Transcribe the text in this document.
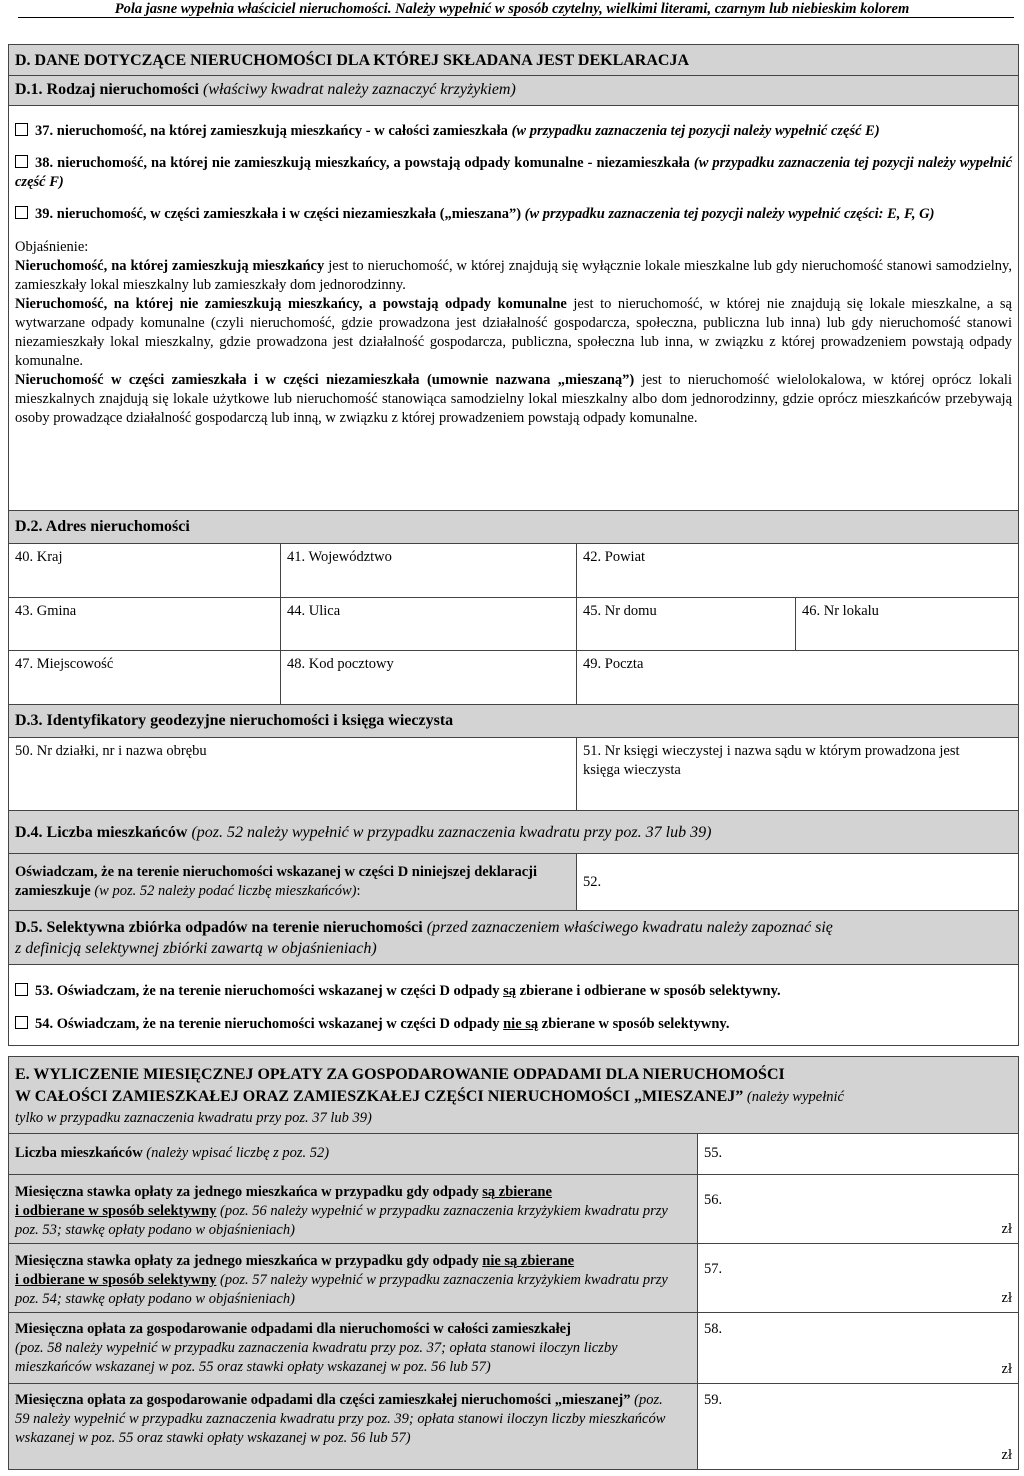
Pola jasne wypełnia właściciel nieruchomości. Należy wypełnić w sposób czytelny, wielkimi literami, czarnym lub niebieskim kolorem
D. DANE DOTYCZĄCE NIERUCHOMOŚCI DLA KTÓREJ SKŁADANA JEST DEKLARACJA
D.1. Rodzaj nieruchomości (właściwy kwadrat należy zaznaczyć krzyżykiem)

37. nieruchomość, na której zamieszkują mieszkańcy - w całości zamieszkała (w przypadku zaznaczenia tej pozycji należy wypełnić część E)

38. nieruchomość, na której nie zamieszkują mieszkańcy, a powstają odpady komunalne - niezamieszkała (w przypadku zaznaczenia tej pozycji należy wypełnić część F)

39. nieruchomość, w części zamieszkała i w części niezamieszkała („mieszana”) (w przypadku zaznaczenia tej pozycji należy wypełnić części: E, F, G)

Objaśnienie:

Nieruchomość, na której zamieszkują mieszkańcy jest to nieruchomość, w której znajdują się wyłącznie lokale mieszkalne lub gdy nieruchomość stanowi samodzielny, zamieszkały lokal mieszkalny lub zamieszkały dom jednorodzinny.

Nieruchomość, na której nie zamieszkują mieszkańcy, a powstają odpady komunalne jest to nieruchomość, w której nie znajdują się lokale mieszkalne, a są wytwarzane odpady komunalne (czyli nieruchomość, gdzie prowadzona jest działalność gospodarcza, społeczna, publiczna lub inna) lub gdy nieruchomość stanowi niezamieszkały lokal mieszkalny, gdzie prowadzona jest działalność gospodarcza, publiczna, społeczna lub inna, w związku z której prowadzeniem powstają odpady komunalne.

Nieruchomość w części zamieszkała i w części niezamieszkała (umownie nazwana „mieszaną”) jest to nieruchomość wielolokalowa, w której oprócz lokali mieszkalnych znajdują się lokale użytkowe lub nieruchomość stanowiąca samodzielny lokal mieszkalny albo dom jednorodzinny, gdzie oprócz mieszkańców przebywają osoby prowadzące działalność gospodarczą lub inną, w związku z której prowadzeniem powstają odpady komunalne.

D.2. Adres nieruchomości
40. Kraj	41. Województwo	42. Powiat
43. Gmina	44. Ulica	45. Nr domu	46. Nr lokalu
47. Miejscowość	48. Kod pocztowy	49. Poczta
D.3. Identyfikatory geodezyjne nieruchomości i księga wieczysta
50. Nr działki, nr i nazwa obrębu	51. Nr księgi wieczystej i nazwa sądu w którym prowadzona jest księga wieczysta
D.4. Liczba mieszkańców (poz. 52 należy wypełnić w przypadku zaznaczenia kwadratu przy poz. 37 lub 39)
Oświadczam, że na terenie nieruchomości wskazanej w części D niniejszej deklaracji zamieszkuje (w poz. 52 należy podać liczbę mieszkańców):
52.
D.5. Selektywna zbiórka odpadów na terenie nieruchomości (przed zaznaczeniem właściwego kwadratu należy zapoznać się
z definicją selektywnej zbiórki zawartą w objaśnieniach)

53. Oświadczam, że na terenie nieruchomości wskazanej w części D odpady są zbierane i odbierane w sposób selektywny.

54. Oświadczam, że na terenie nieruchomości wskazanej w części D odpady nie są zbierane w sposób selektywny.

E. WYLICZENIE MIESIĘCZNEJ OPŁATY ZA GOSPODAROWANIE ODPADAMI DLA NIERUCHOMOŚCI
W CAŁOŚCI ZAMIESZKAŁEJ ORAZ ZAMIESZKAŁEJ CZĘŚCI NIERUCHOMOŚCI „MIESZANEJ” (należy wypełnić
tylko w przypadku zaznaczenia kwadratu przy poz. 37 lub 39)
Liczba mieszkańców (należy wpisać liczbę z poz. 52)	55.
Miesięczna stawka opłaty za jednego mieszkańca w przypadku gdy odpady są zbierane
i odbierane w sposób selektywny (poz. 56 należy wypełnić w przypadku zaznaczenia krzyżykiem kwadratu przy poz. 53; stawkę opłaty podano w objaśnieniach)
56.
zł
Miesięczna stawka opłaty za jednego mieszkańca w przypadku gdy odpady nie są zbierane
i odbierane w sposób selektywny (poz. 57 należy wypełnić w przypadku zaznaczenia krzyżykiem kwadratu przy poz. 54; stawkę opłaty podano w objaśnieniach)
57.
zł
Miesięczna opłata za gospodarowanie odpadami dla nieruchomości w całości zamieszkałej
(poz. 58 należy wypełnić w przypadku zaznaczenia kwadratu przy poz. 37; opłata stanowi iloczyn liczby mieszkańców wskazanej w poz. 55 oraz stawki opłaty wskazanej w poz. 56 lub 57)
58.
zł
Miesięczna opłata za gospodarowanie odpadami dla części zamieszkałej nieruchomości „mieszanej” (poz. 59 należy wypełnić w przypadku zaznaczenia kwadratu przy poz. 39; opłata stanowi iloczyn liczby mieszkańców wskazanej w poz. 55 oraz stawki opłaty wskazanej w poz. 56 lub 57)
59.
zł
